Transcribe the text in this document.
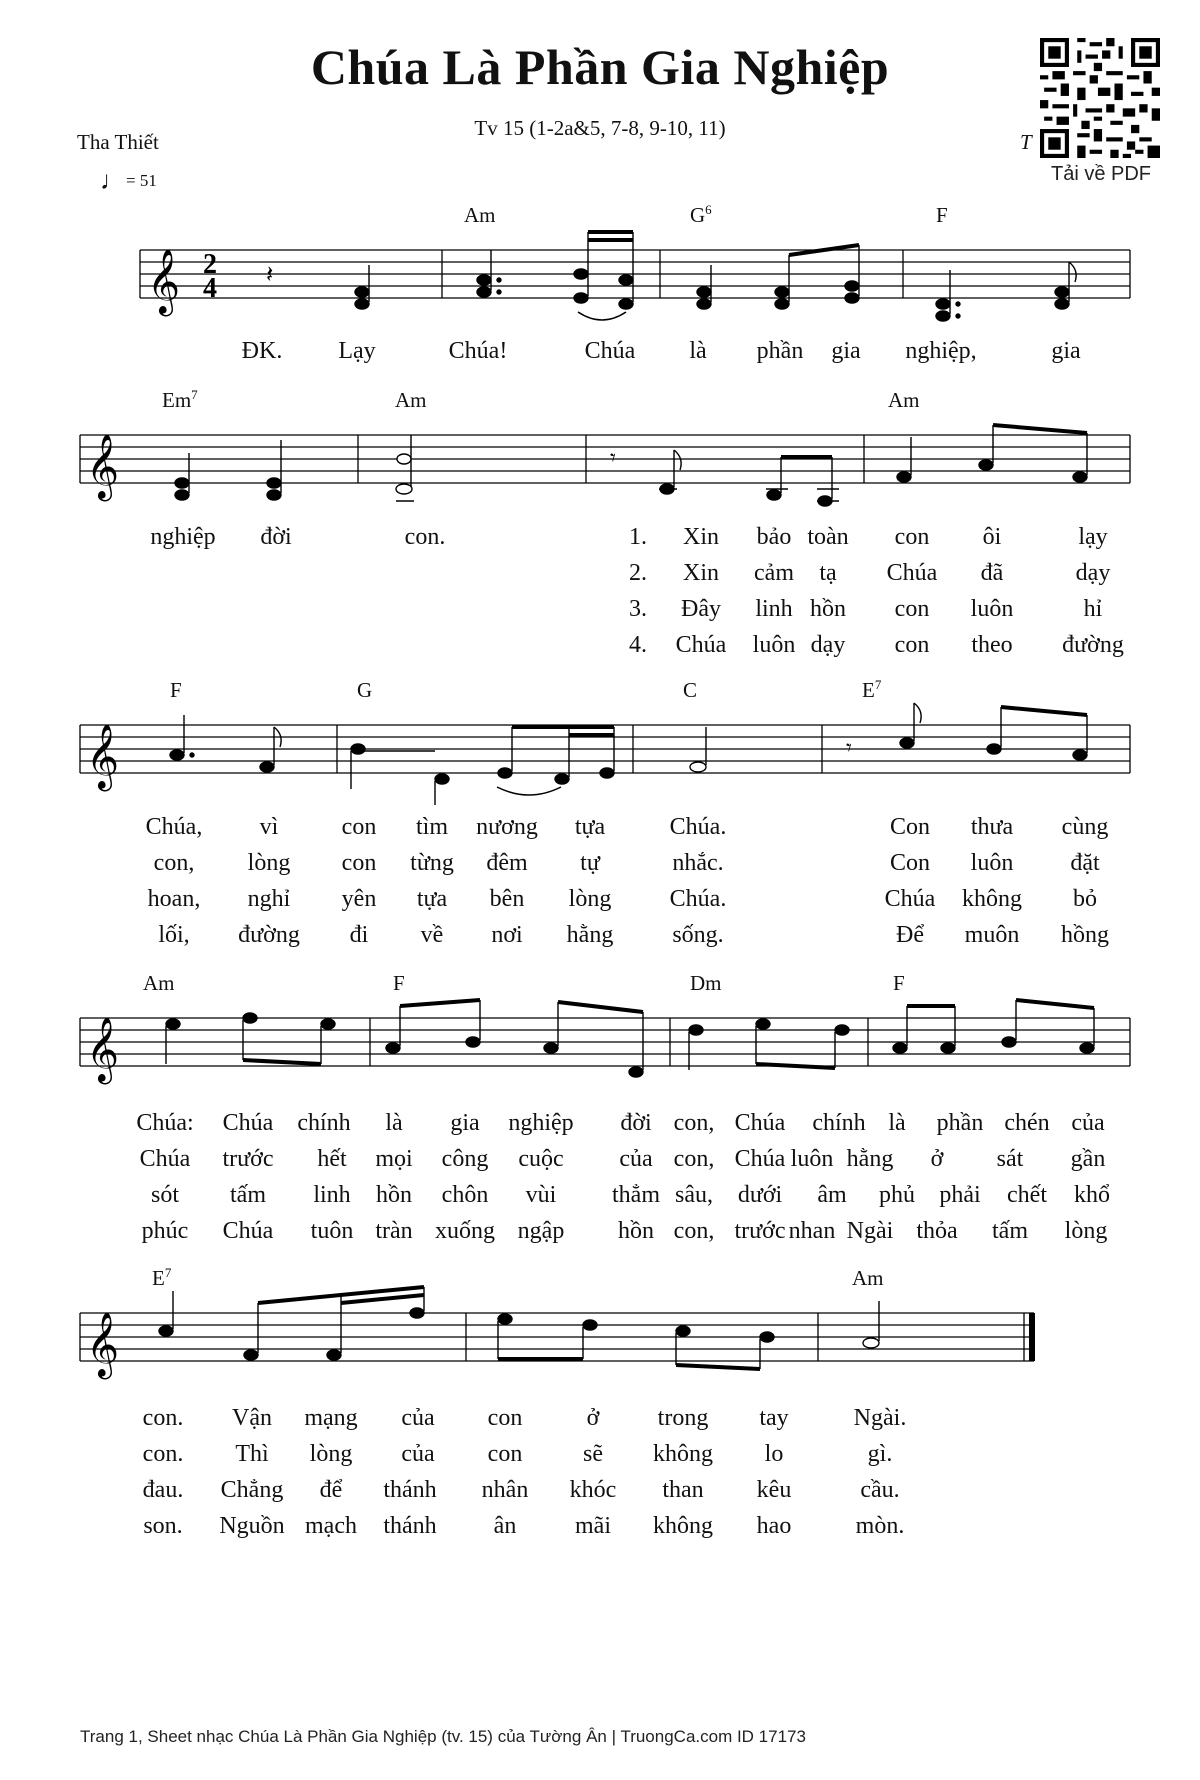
Chúa Là Phần Gia Nghiệp
Tv 15 (1-2a&5, 7-8, 9-10, 11)
Tha Thiết
♩= 51
T
Tải về PDF
Am	$G^6$	F
𝄞 2
4 𝄽
ĐK. Lạy	Chúa!	Chúa là phần gia nghiệp,	gia
Em$^7$	Am	Am
𝄞	𝄾
nghiệp đời	con.	1. Xin bảo toàn con ôi	lạy
2. Xin cảm tạ Chúa đã	dạy
3. Đây linh hồn con luôn	hỉ
4. Chúa luôn dạy con theo đường
F	G	C	$E^7$
𝄞	𝄾
Chúa, vì	con tìm nương tựa	Chúa.	Con thưa cùng
con, lòng con từng đêm tự	nhắc.	Con luôn đặt
hoan, nghỉ yên tựa bên lòng Chúa.	Chúa không bỏ
lối, đường đi về nơi hằng sống.	Để muôn hồng
Am	F	Dm	F
𝄞
Chúa: Chúa chính là gia nghiệp đời con, Chúa chính là phần chén của
Chúa trước hết mọi công cuộc của con, Chúa luôn hằng ở sát gần
sót tấm linh hồn chôn vùi thẳm sâu, dưới âm phủ phải chết khổ
phúc Chúa tuôn tràn xuống ngập hồn con, trước nhan Ngài thỏa tấm lòng
$E^7$	Am
𝄞
con. Vận mạng của con	ở trong tay	Ngài.
con. Thì lòng của con	sẽ không lo	gì.
đau. Chẳng để thánh nhân khóc than kêu	cầu.
son. Nguồn mạch thánh ân mãi không hao	mòn.
Trang 1, Sheet nhạc Chúa Là Phần Gia Nghiệp (tv. 15) của Tường Ân | TruongCa.com ID 17173
